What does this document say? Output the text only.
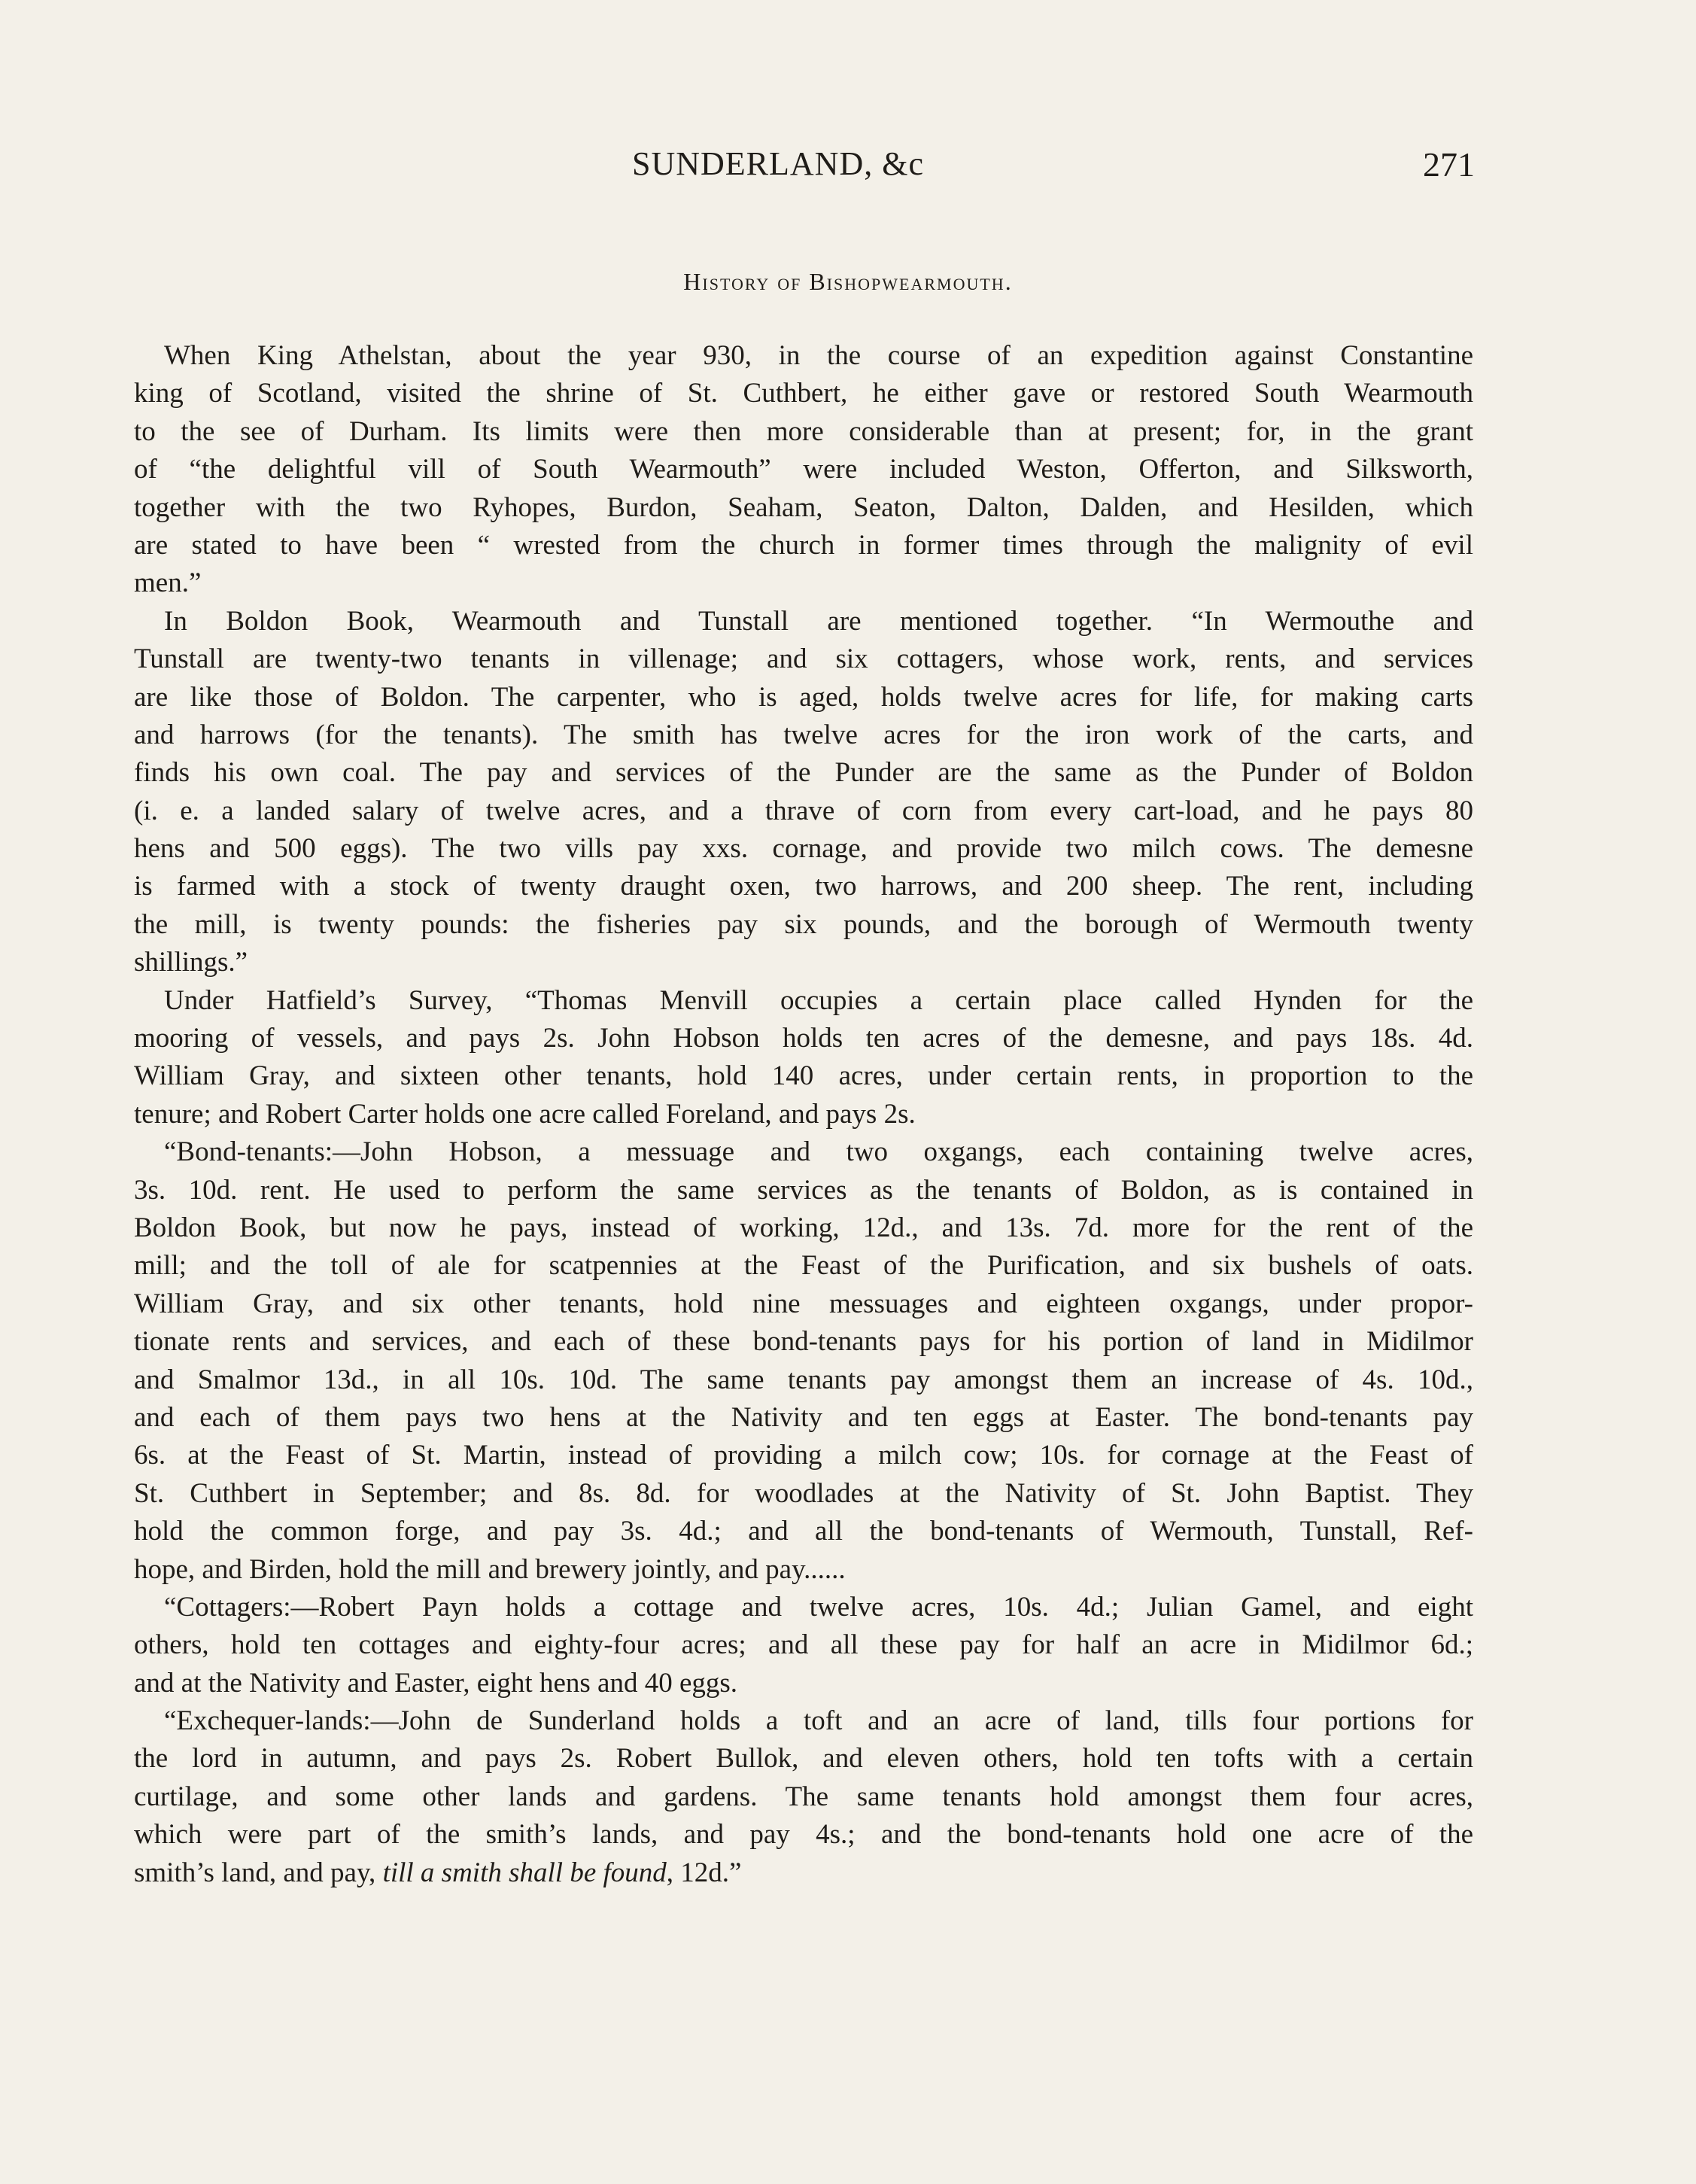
SUNDERLAND, &c	271
History of Bishopwearmouth.
When King Athelstan, about the year 930, in the course of an expedition against Constantine
king of Scotland, visited the shrine of St. Cuthbert, he either gave or restored South Wearmouth
to the see of Durham. Its limits were then more considerable than at present; for, in the grant
of “the delightful vill of South Wearmouth” were included Weston, Offerton, and Silksworth,
together with the two Ryhopes, Burdon, Seaham, Seaton, Dalton, Dalden, and Hesilden, which
are stated to have been “ wrested from the church in former times through the malignity of evil
men.”
In Boldon Book, Wearmouth and Tunstall are mentioned together. “In Wermouthe and
Tunstall are twenty-two tenants in villenage; and six cottagers, whose work, rents, and services
are like those of Boldon. The carpenter, who is aged, holds twelve acres for life, for making carts
and harrows (for the tenants). The smith has twelve acres for the iron work of the carts, and
finds his own coal. The pay and services of the Punder are the same as the Punder of Boldon
(i. e. a landed salary of twelve acres, and a thrave of corn from every cart-load, and he pays 80
hens and 500 eggs). The two vills pay xxs. cornage, and provide two milch cows. The demesne
is farmed with a stock of twenty draught oxen, two harrows, and 200 sheep. The rent, including
the mill, is twenty pounds: the fisheries pay six pounds, and the borough of Wermouth twenty
shillings.”
Under Hatfield’s Survey, “Thomas Menvill occupies a certain place called Hynden for the
mooring of vessels, and pays 2s. John Hobson holds ten acres of the demesne, and pays 18s. 4d.
William Gray, and sixteen other tenants, hold 140 acres, under certain rents, in proportion to the
tenure; and Robert Carter holds one acre called Foreland, and pays 2s.
“Bond-tenants:—John Hobson, a messuage and two oxgangs, each containing twelve acres,
3s. 10d. rent. He used to perform the same services as the tenants of Boldon, as is contained in
Boldon Book, but now he pays, instead of working, 12d., and 13s. 7d. more for the rent of the
mill; and the toll of ale for scatpennies at the Feast of the Purification, and six bushels of oats.
William Gray, and six other tenants, hold nine messuages and eighteen oxgangs, under propor-
tionate rents and services, and each of these bond-tenants pays for his portion of land in Midilmor
and Smalmor 13d., in all 10s. 10d. The same tenants pay amongst them an increase of 4s. 10d.,
and each of them pays two hens at the Nativity and ten eggs at Easter. The bond-tenants pay
6s. at the Feast of St. Martin, instead of providing a milch cow; 10s. for cornage at the Feast of
St. Cuthbert in September; and 8s. 8d. for woodlades at the Nativity of St. John Baptist. They
hold the common forge, and pay 3s. 4d.; and all the bond-tenants of Wermouth, Tunstall, Ref-
hope, and Birden, hold the mill and brewery jointly, and pay......
“Cottagers:—Robert Payn holds a cottage and twelve acres, 10s. 4d.; Julian Gamel, and eight
others, hold ten cottages and eighty-four acres; and all these pay for half an acre in Midilmor 6d.;
and at the Nativity and Easter, eight hens and 40 eggs.
“Exchequer-lands:—John de Sunderland holds a toft and an acre of land, tills four portions for
the lord in autumn, and pays 2s. Robert Bullok, and eleven others, hold ten tofts with a certain
curtilage, and some other lands and gardens. The same tenants hold amongst them four acres,
which were part of the smith’s lands, and pay 4s.; and the bond-tenants hold one acre of the
smith’s land, and pay, till a smith shall be found, 12d.”
